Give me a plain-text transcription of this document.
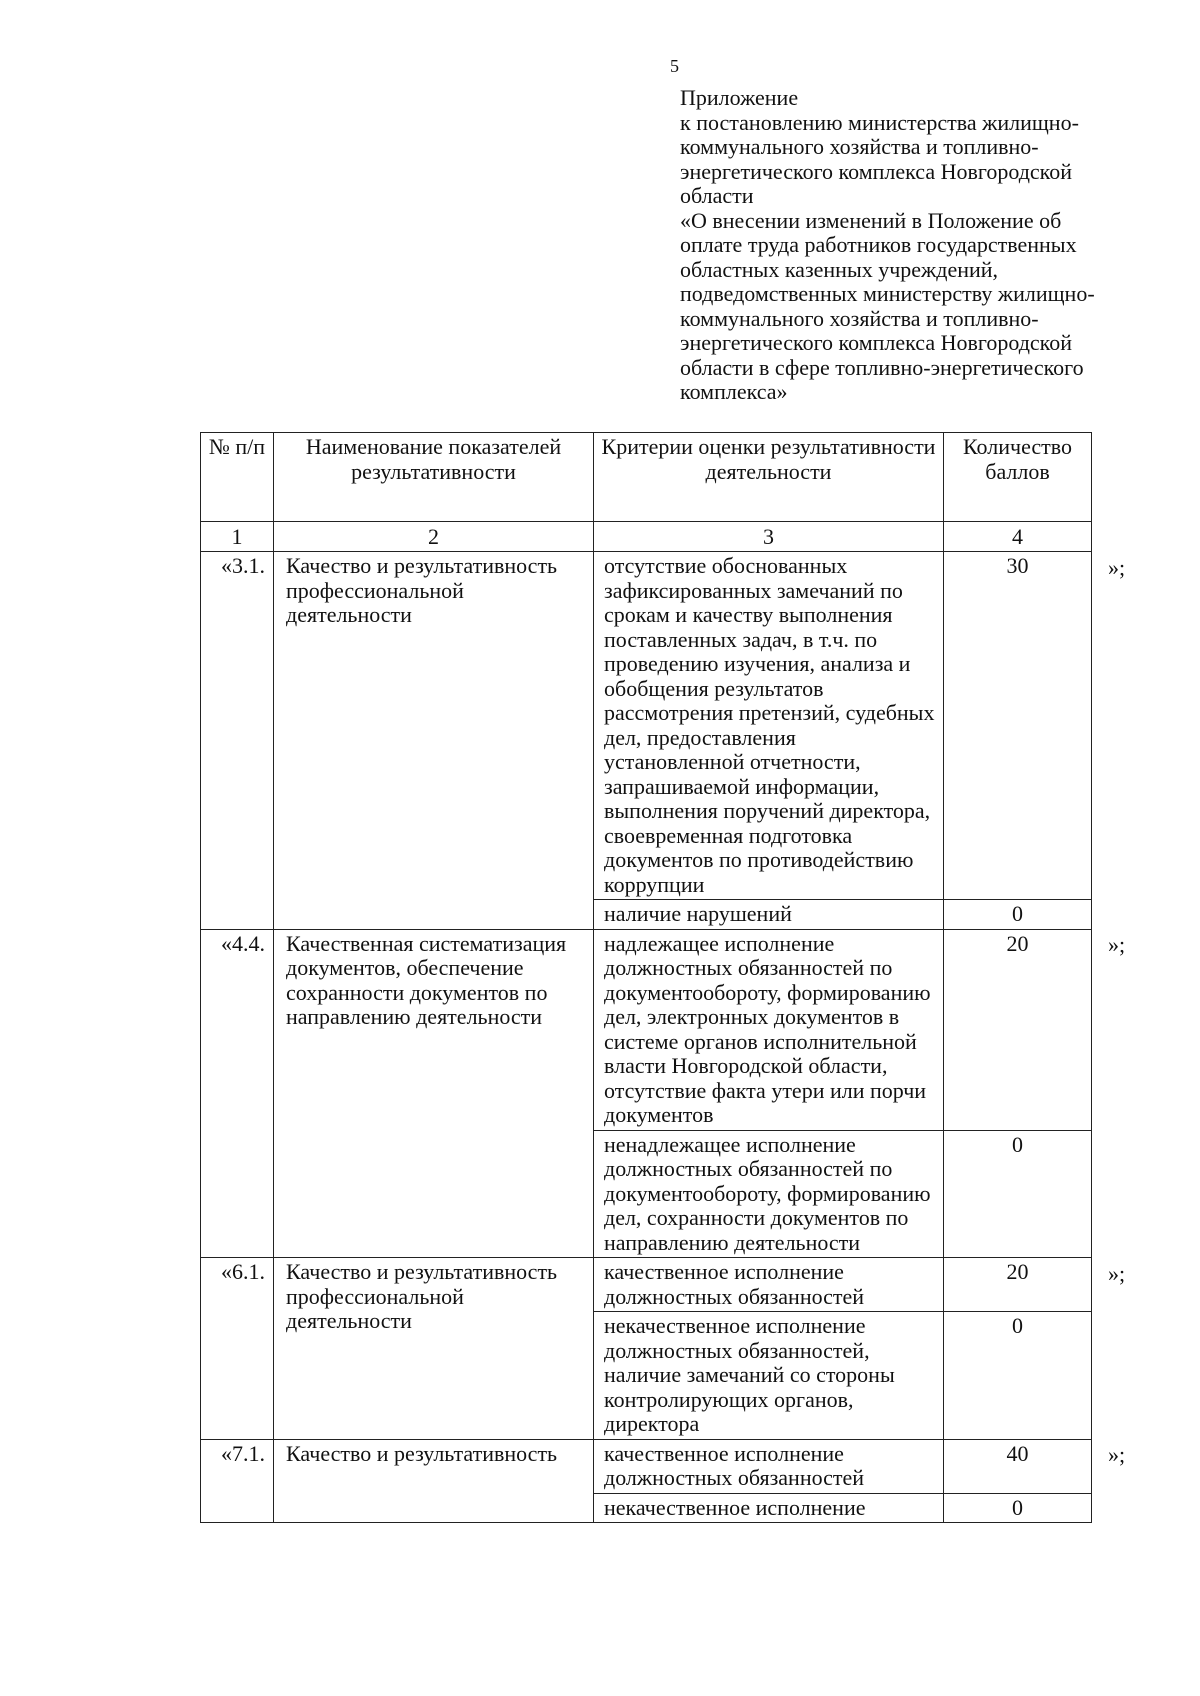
5
Приложение
к постановлению министерства жилищно-
коммунального хозяйства и топливно-
энергетического комплекса Новгородской
области
«О внесении изменений в Положение об
оплате труда работников государственных
областных казенных учреждений,
подведомственных министерству жилищно-
коммунального хозяйства и топливно-
энергетического комплекса Новгородской
области в сфере топливно-энергетического
комплекса»
№ п/п	Наименование показателей результативности	Критерии оценки результативности деятельности	Количество баллов
1	2	3	4
«3.1.	Качество и результативность профессиональной деятельности	отсутствие обоснованных зафиксированных замечаний по срокам и качеству выполнения поставленных задач, в т.ч. по проведению изучения, анализа и обобщения результатов рассмотрения претензий, судебных дел, предоставления установленной отчетности, запрашиваемой информации, выполнения поручений директора, своевременная подготовка документов по противодействию коррупции	30
		наличие нарушений	0
«4.4.	Качественная систематизация документов, обеспечение сохранности документов по направлению деятельности	надлежащее исполнение должностных обязанностей по документообороту, формированию дел, электронных документов в системе органов исполнительной власти Новгородской области, отсутствие факта утери или порчи документов	20
		ненадлежащее исполнение должностных обязанностей по документообороту, формированию дел, сохранности документов по направлению деятельности	0
«6.1.	Качество и результативность профессиональной деятельности	качественное исполнение должностных обязанностей	20
		некачественное исполнение должностных обязанностей, наличие замечаний со стороны контролирующих органов, директора	0
«7.1.	Качество и результативность	качественное исполнение должностных обязанностей	40
		некачественное исполнение	0
»;
»;
»;
»;
